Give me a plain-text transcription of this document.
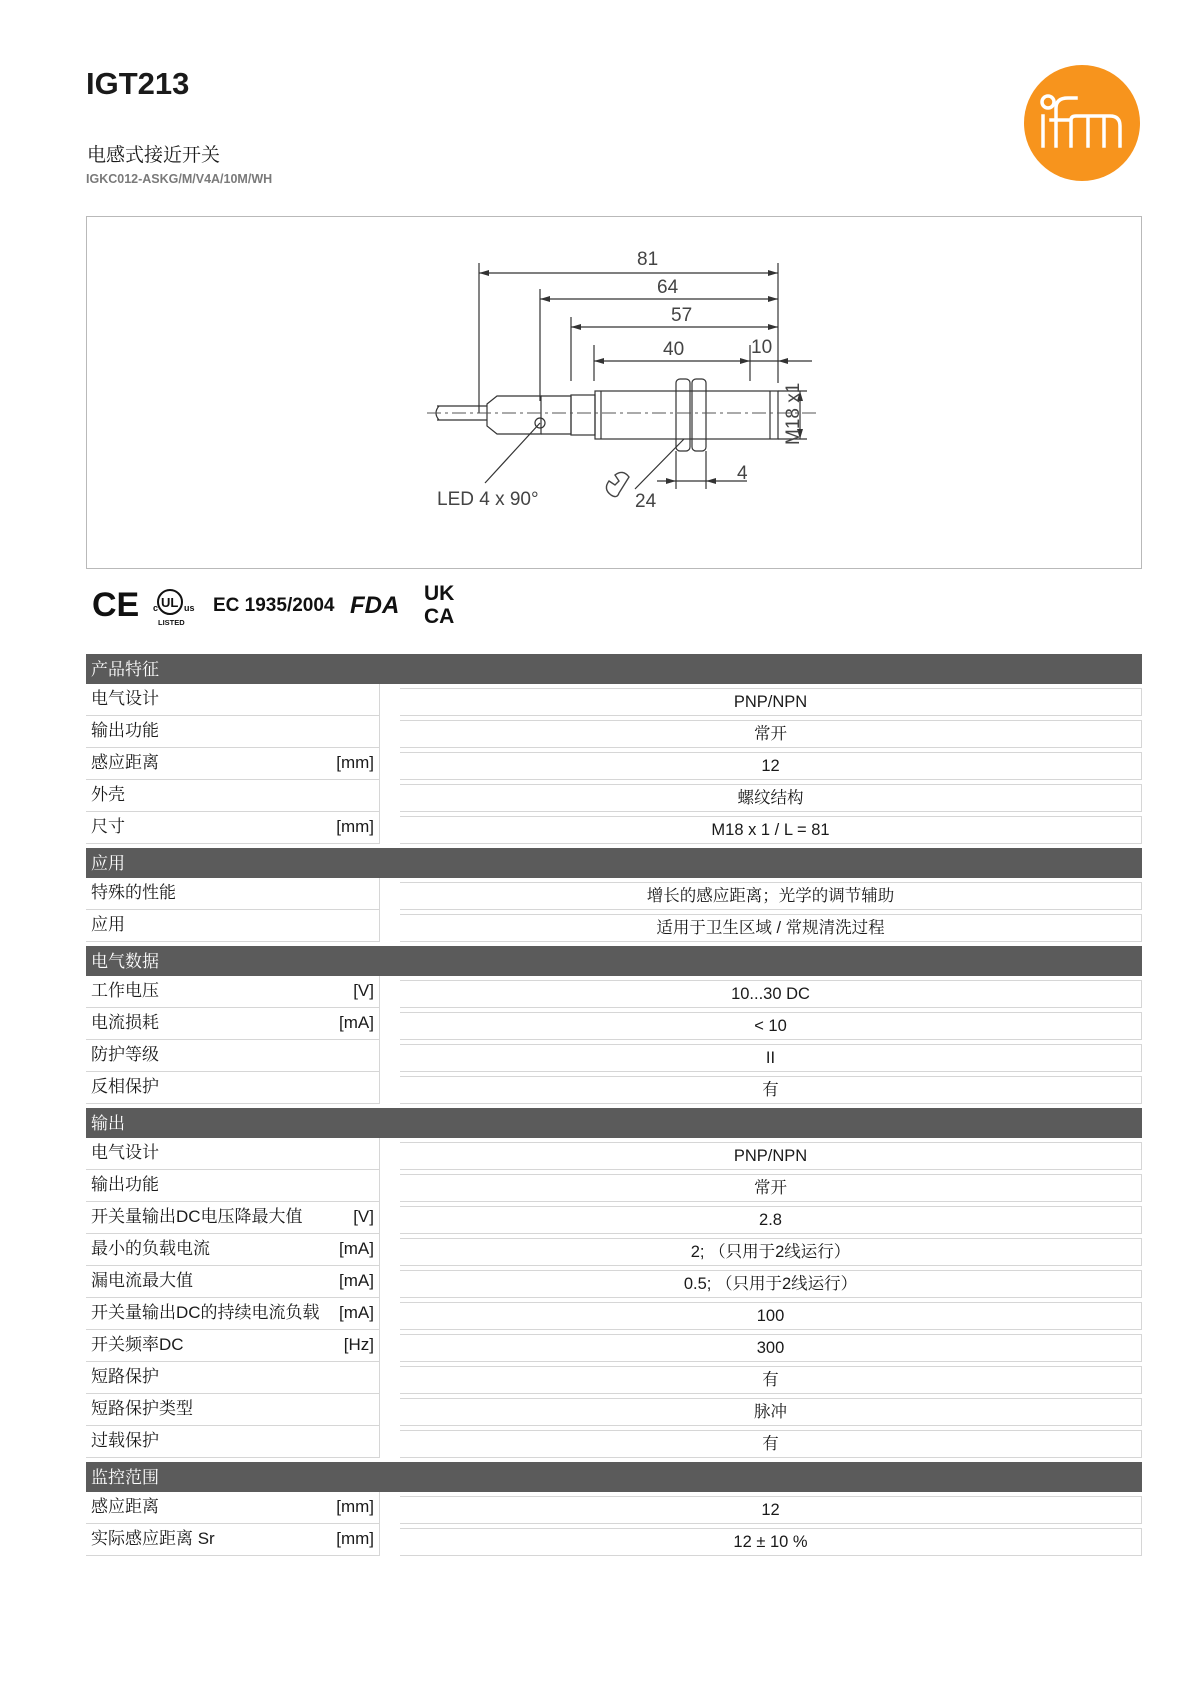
IGT213
电感式接近开关
IGKC012-ASKG/M/V4A/10M/WH
81
64
57
40	10
4
LED 4 x 90°	24
M18 x1
CE c UL us
LISTED
EC 1935/2004 FDA UK
CA
产品特征
电气设计	PNP/NPN
输出功能	常开
感应距离	[mm]	12
外壳	螺纹结构
尺寸	[mm]	M18 x 1 / L = 81
应用
特殊的性能	增长的感应距离；光学的调节辅助
应用	适用于卫生区域 / 常规清洗过程
电气数据
工作电压	[V]	10...30 DC
电流损耗	[mA]	< 10
防护等级	II
反相保护	有
输出
电气设计	PNP/NPN
输出功能	常开
开关量输出DC电压降最大值	[V]	2.8
最小的负载电流	[mA]	2; （只用于2线运行）
漏电流最大值	[mA]	0.5; （只用于2线运行）
开关量输出DC的持续电流负载	[mA]	100
开关频率DC	[Hz]	300
短路保护	有
短路保护类型	脉冲
过载保护	有
监控范围
感应距离	[mm]	12
实际感应距离 Sr	[mm]	12 ± 10 %
